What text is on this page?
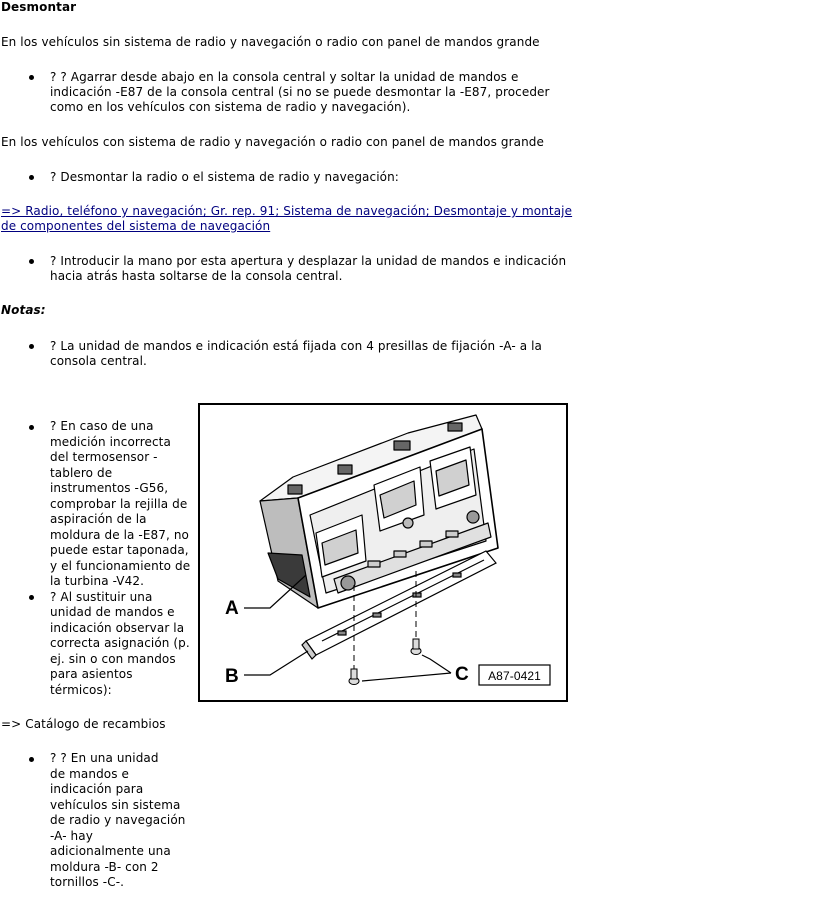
Desmontar
En los vehículos sin sistema de radio y navegación o radio con panel de mandos grande
? ? Agarrar desde abajo en la consola central y soltar la unidad de mandos e
indicación -E87 de la consola central (si no se puede desmontar la -E87, proceder
como en los vehículos con sistema de radio y navegación).
En los vehículos con sistema de radio y navegación o radio con panel de mandos grande
? Desmontar la radio o el sistema de radio y navegación:
=> Radio, teléfono y navegación; Gr. rep. 91; Sistema de navegación; Desmontaje y montaje
de componentes del sistema de navegación
? Introducir la mano por esta apertura y desplazar la unidad de mandos e indicación
hacia atrás hasta soltarse de la consola central.
Notas:
? La unidad de mandos e indicación está fijada con 4 presillas de fijación -A- a la
consola central.
? En caso de una
medición incorrecta
del termosensor -
tablero de
instrumentos -G56,
comprobar la rejilla de
aspiración de la
moldura de la -E87, no
puede estar taponada,
y el funcionamiento de
la turbina -V42.
? Al sustituir una
unidad de mandos e
indicación observar la
correcta asignación (p.
ej. sin o con mandos
para asientos
térmicos):
=> Catálogo de recambios
? ? En una unidad
de mandos e
indicación para
vehículos sin sistema
de radio y navegación
-A- hay
adicionalmente una
moldura -B- con 2
tornillos -C-.
A
B	C A87-0421
